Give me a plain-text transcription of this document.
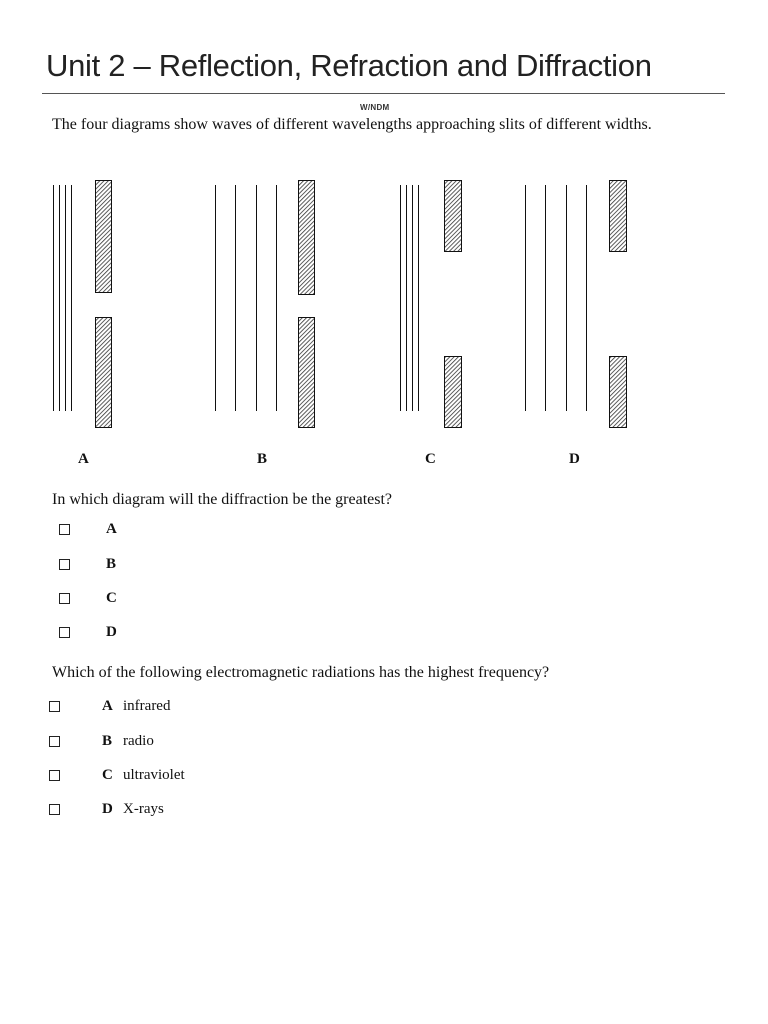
Unit 2 – Reflection, Refraction and Diffraction
W/NDM
The four diagrams show waves of different wavelengths approaching slits of different widths.
A	B	C	D
In which diagram will the diffraction be the greatest?
A
B
C
D
Which of the following electromagnetic radiations has the highest frequency?
A infrared
B radio
C ultraviolet
D X-rays
